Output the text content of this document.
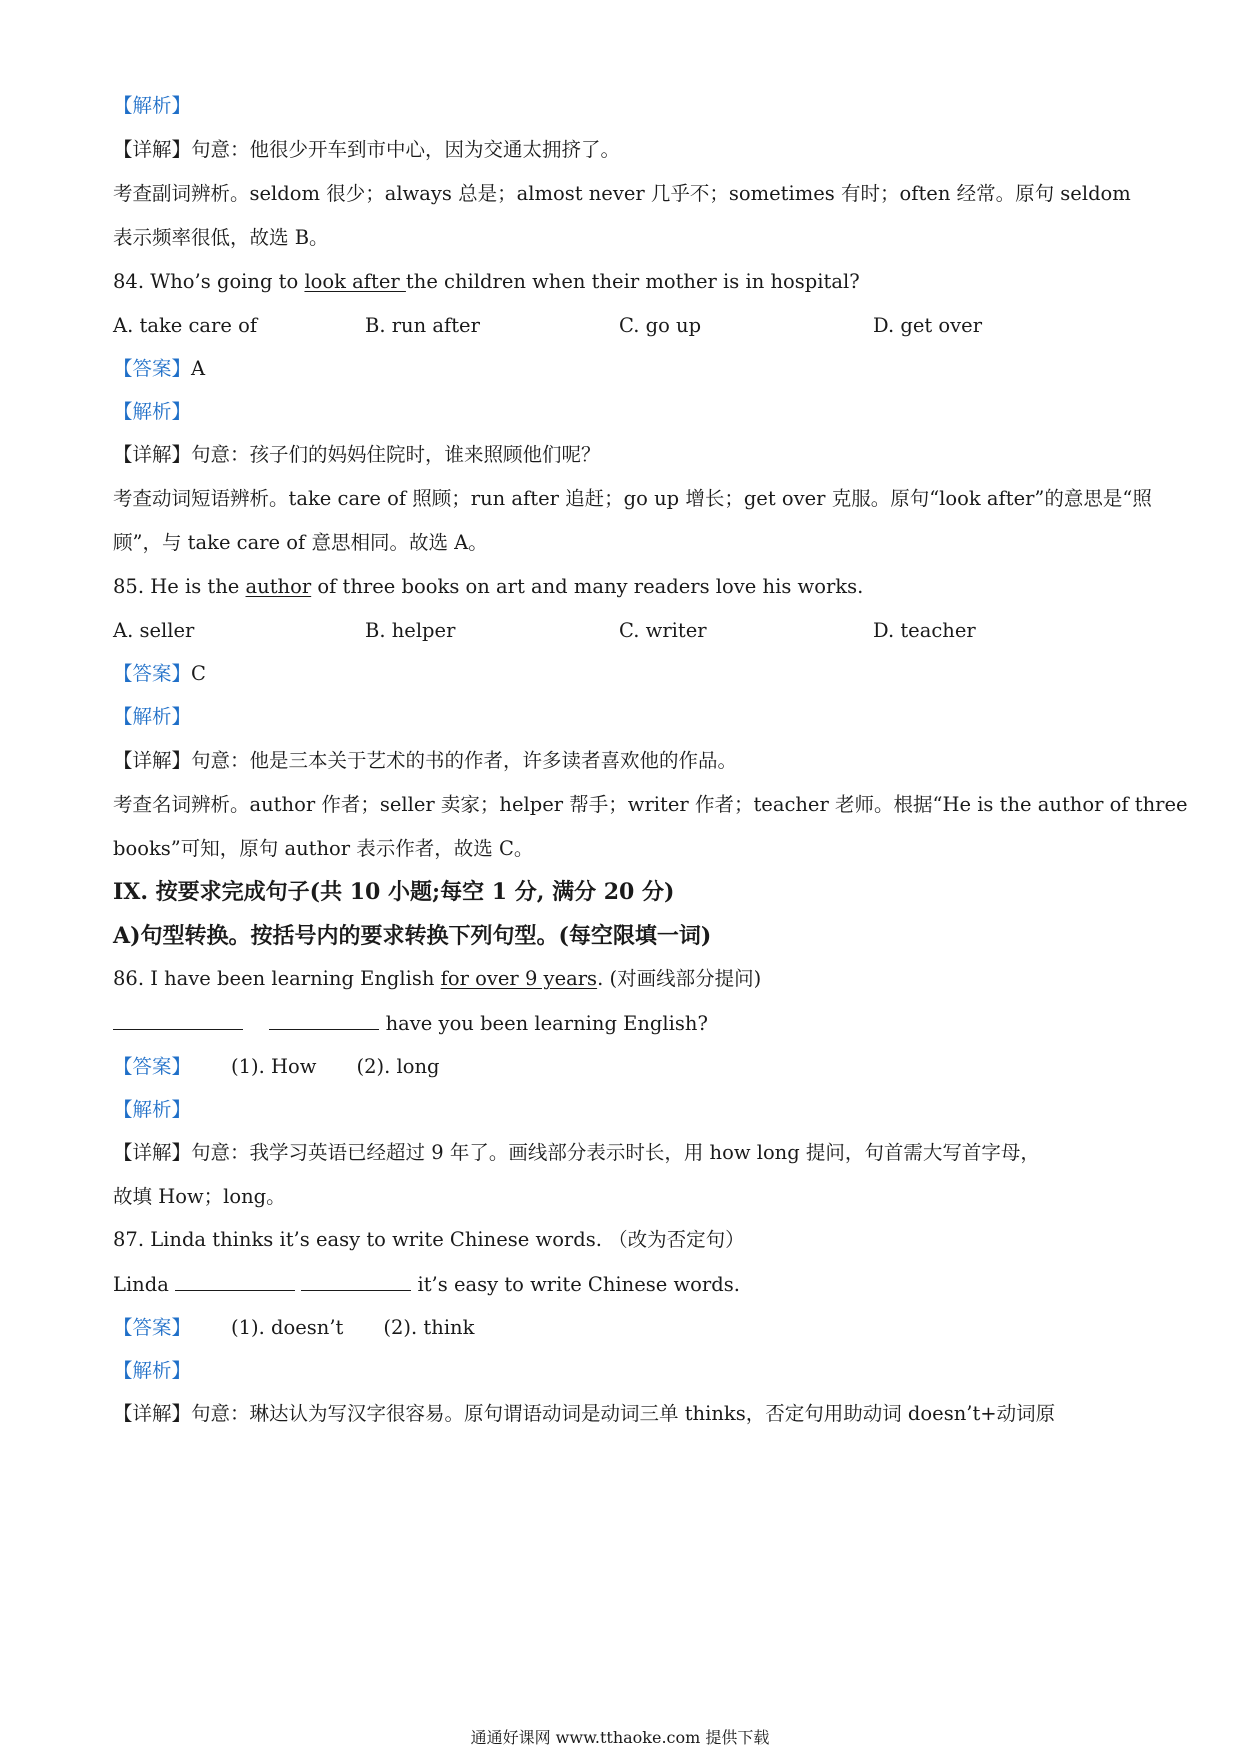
【解析】
【详解】句意：他很少开车到市中心，因为交通太拥挤了。
考查副词辨析。seldom 很少；always 总是；almost never 几乎不；sometimes 有时；often 经常。原句 seldom
表示频率很低，故选 B。
84. Who’s going to look after the children when their mother is in hospital?
A. take care of	B. run after	C. go up	D. get over
【答案】A
【解析】
【详解】句意：孩子们的妈妈住院时，谁来照顾他们呢？
考查动词短语辨析。take care of 照顾；run after 追赶；go up 增长；get over 克服。原句“look after”的意思是“照
顾”，与 take care of 意思相同。故选 A。
85. He is the author of three books on art and many readers love his works.
A. seller	B. helper	C. writer	D. teacher
【答案】C
【解析】
【详解】句意：他是三本关于艺术的书的作者，许多读者喜欢他的作品。
考查名词辨析。author 作者；seller 卖家；helper 帮手；writer 作者；teacher 老师。根据“He is the author of three
books”可知，原句 author 表示作者，故选 C。
IX. 按要求完成句子(共 10 小题;每空 1 分, 满分 20 分)
A)句型转换。按括号内的要求转换下列句型。(每空限填一词)
86. I have been learning English for over 9 years. (对画线部分提问)
have you been learning English?
【答案】 (1). How (2). long
【解析】
【详解】句意：我学习英语已经超过 9 年了。画线部分表示时长，用 how long 提问，句首需大写首字母，
故填 How；long。
87. Linda thinks it’s easy to write Chinese words. （改为否定句）
Linda	it’s easy to write Chinese words.
【答案】 (1). doesn’t (2). think
【解析】
【详解】句意：琳达认为写汉字很容易。原句谓语动词是动词三单 thinks，否定句用助动词 doesn’t+动词原
通通好课网 www.tthaoke.com 提供下载
